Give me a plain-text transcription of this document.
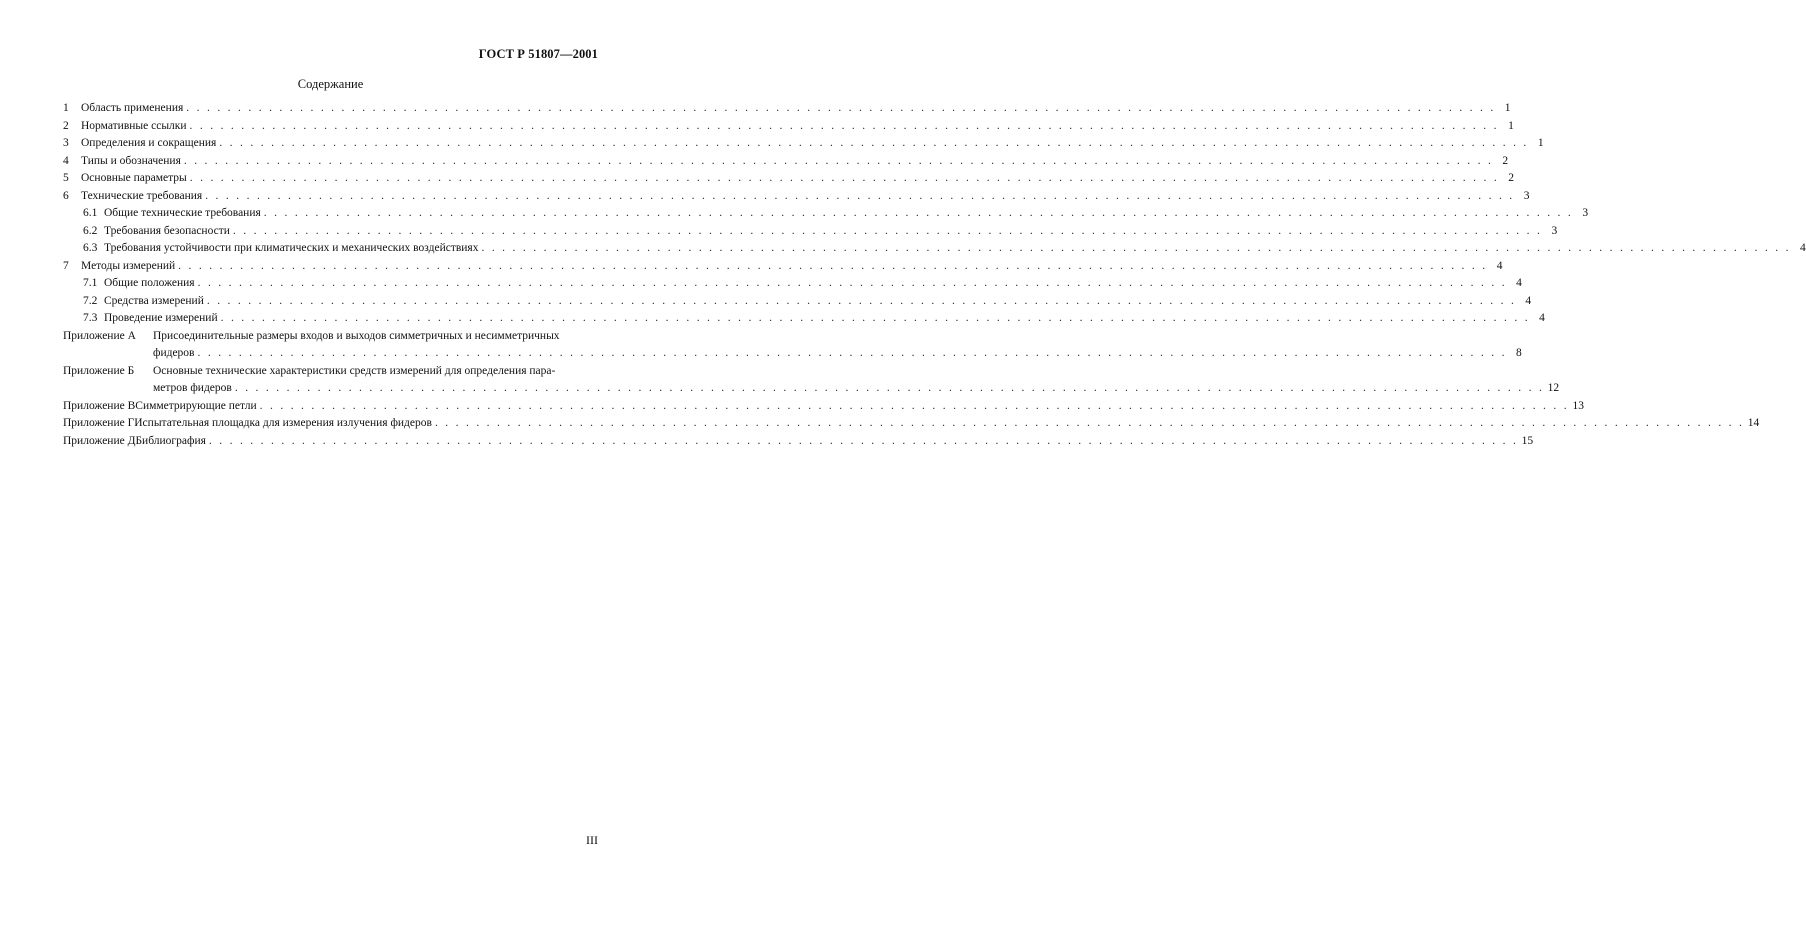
ГОСТ Р 51807—2001
Содержание
1 Область применения . . .	1
2 Нормативные ссылки . . .	1
3 Определения и сокращения . . .	1
4 Типы и обозначения . . .	2
5 Основные параметры . . .	2
6 Технические требования . . .	3
6.1 Общие технические требования . . .	3
6.2 Требования безопасности . . .	3
6.3 Требования устойчивости при климатических и механических воздействиях . . .	4
7 Методы измерений . . .	4
7.1 Общие положения . . .	4
7.2 Средства измерений . . .	4
7.3 Проведение измерений . . .	4
Приложение А	Присоединительные размеры входов и выходов симметричных и несимметричных
фидеров . . .	8
Приложение Б	Основные технические характеристики средств измерений для определения пара-
метров фидеров . . .	12
Приложение В Симметрирующие петли . . .	13
Приложение Г Испытательная площадка для измерения излучения фидеров . . .	14
Приложение Д Библиография . . .	15
III
